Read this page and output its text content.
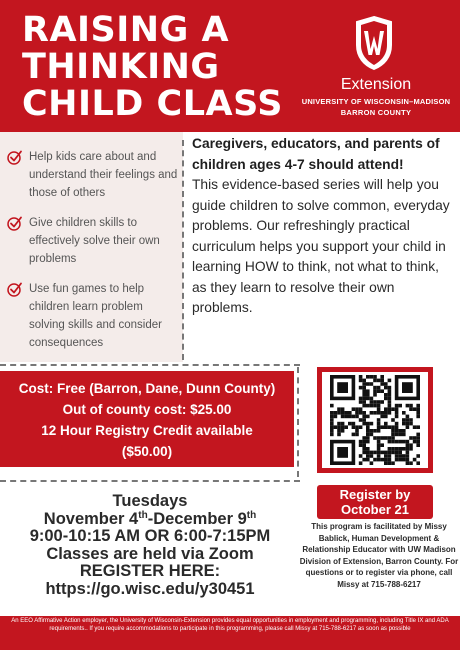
RAISING A
THINKING
CHILD CLASS	Extension
UNIVERSITY OF WISCONSIN–MADISON
BARRON COUNTY
Help kids care about and understand their feelings and those of others
Give children skills to effectively solve their own problems
Use fun games to help children learn problem solving skills and consider consequences
Caregivers, educators, and parents of children ages 4-7 should attend!
This evidence-based series will help you guide children to solve common, everyday problems. Our refreshingly practical curriculum helps you support your child in learning HOW to think, not what to think, as they learn to resolve their own problems.
Cost: Free (Barron, Dane, Dunn County)
Out of county cost: $25.00
12 Hour Registry Credit available
($50.00)
Register by
October 21
Tuesdays
November 4th-December 9th
9:00-10:15 AM OR 6:00-7:15PM
Classes are held via Zoom
REGISTER HERE:
https://go.wisc.edu/y30451
This program is facilitated by Missy Bablick, Human Development & Relationship Educator with UW Madison Division of Extension, Barron County. For questions or to register via phone, call Missy at 715-788-6217
An EEO Affirmative Action employer, the University of Wisconsin-Extension provides equal opportunities in employment and programming, including Title IX and ADA requirements.. If you require accommodations to participate in this programming, please call Missy at 715-788-6217 as soon as possible
